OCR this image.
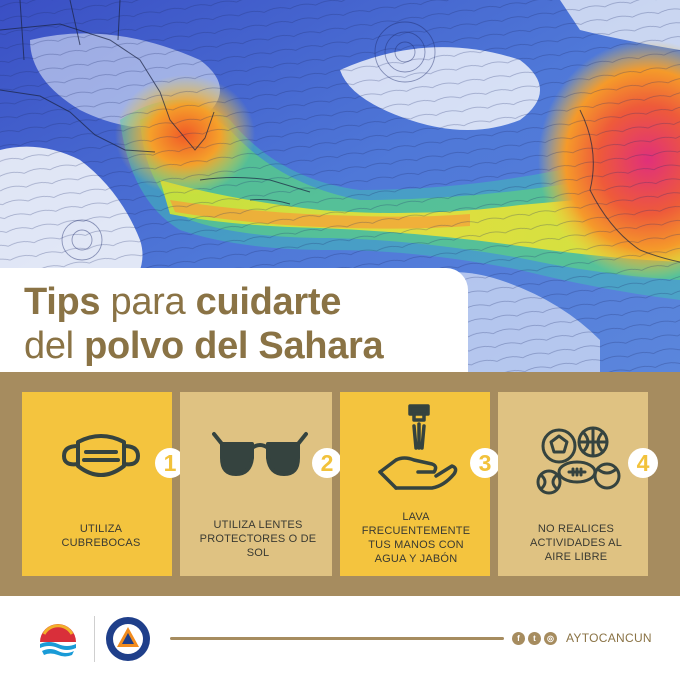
Tips para cuidarte
del polvo del Sahara
UTILIZA CUBREBOCAS
1
UTILIZA LENTES PROTECTORES O DE SOL
2
LAVA FRECUENTEMENTE TUS MANOS CON AGUA Y JABÓN
3
NO REALICES ACTIVIDADES AL AIRE LIBRE
4
f	t	◎ AYTOCANCUN
